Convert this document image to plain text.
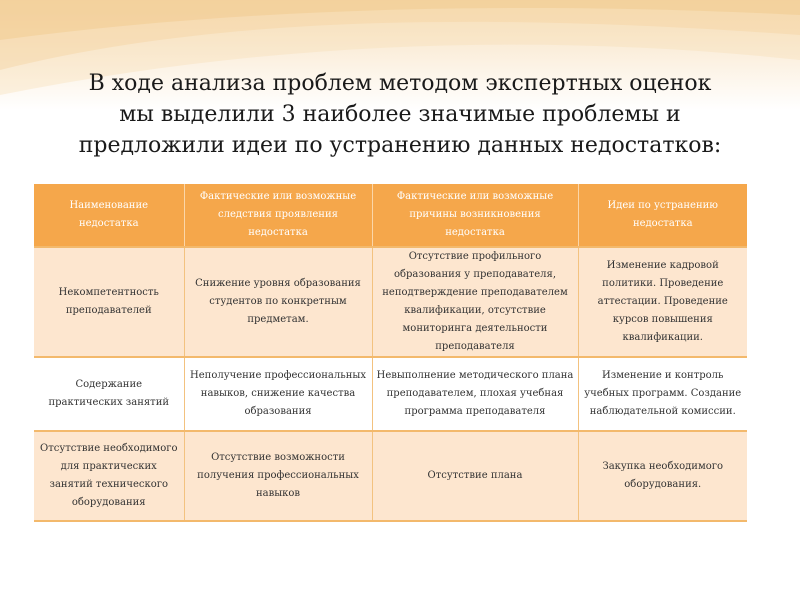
В ходе анализа проблем методом экспертных оценок
мы выделили 3 наиболее значимые проблемы и
предложили идеи по устранению данных недостатков:
Наименование недостатка	Фактические или возможные следствия проявления недостатка	Фактические или возможные причины возникновения недостатка	Идеи по устранению недостатка
Некомпетентность преподавателей	Снижение уровня образования студентов по конкретным предметам.	Отсутствие профильного образования у преподавателя, неподтверждение преподавателем квалификации, отсутствие мониторинга деятельности преподавателя	Изменение кадровой политики. Проведение аттестации. Проведение курсов повышения квалификации.
Содержание практических занятий	Неполучение профессиональных навыков, снижение качества образования	Невыполнение методического плана преподавателем, плохая учебная программа преподавателя	Изменение и контроль учебных программ. Создание наблюдательной комиссии.
Отсутствие необходимого для практических занятий технического оборудования	Отсутствие возможности получения профессиональных навыков	Отсутствие плана	Закупка необходимого оборудования.
